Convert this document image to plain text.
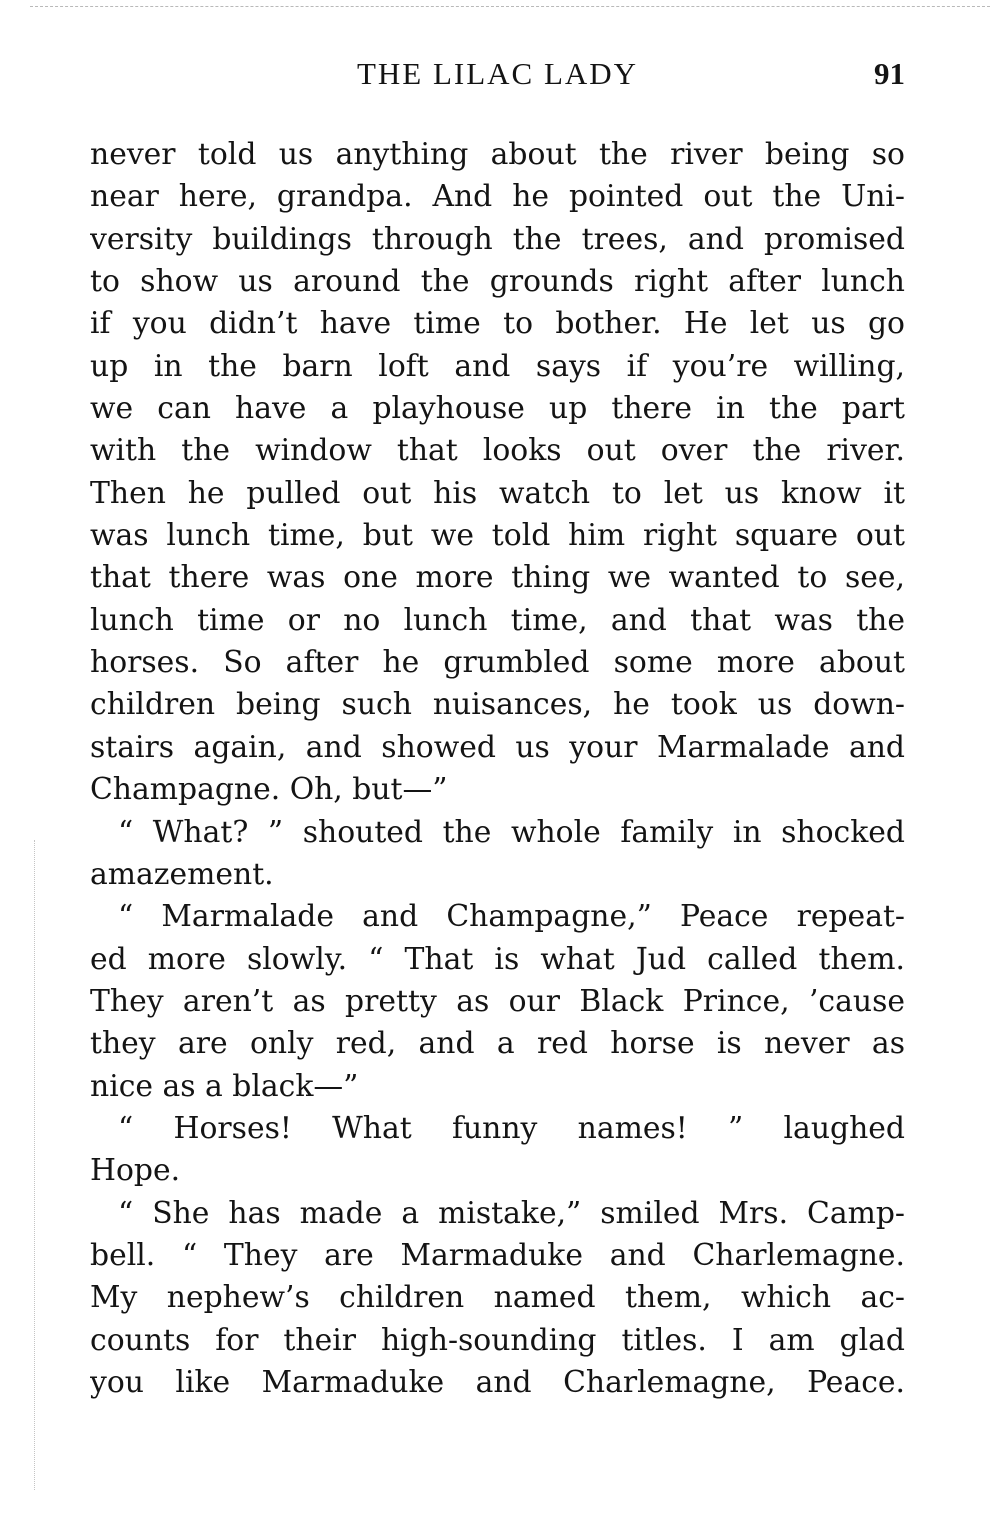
THE LILAC LADY	91
never told us anything about the river being so
near here, grandpa. And he pointed out the Uni-
versity buildings through the trees, and promised
to show us around the grounds right after lunch
if you didn’t have time to bother. He let us go
up in the barn loft and says if you’re willing,
we can have a playhouse up there in the part
with the window that looks out over the river.
Then he pulled out his watch to let us know it
was lunch time, but we told him right square out
that there was one more thing we wanted to see,
lunch time or no lunch time, and that was the
horses. So after he grumbled some more about
children being such nuisances, he took us down-
stairs again, and showed us your Marmalade and
Champagne. Oh, but—”
“ What? ” shouted the whole family in shocked
amazement.
“ Marmalade and Champagne,” Peace repeat-
ed more slowly. “ That is what Jud called them.
They aren’t as pretty as our Black Prince, ’cause
they are only red, and a red horse is never as
nice as a black—”
“ Horses! What funny names! ” laughed
Hope.
“ She has made a mistake,” smiled Mrs. Camp-
bell. “ They are Marmaduke and Charlemagne.
My nephew’s children named them, which ac-
counts for their high-sounding titles. I am glad
you like Marmaduke and Charlemagne, Peace.
